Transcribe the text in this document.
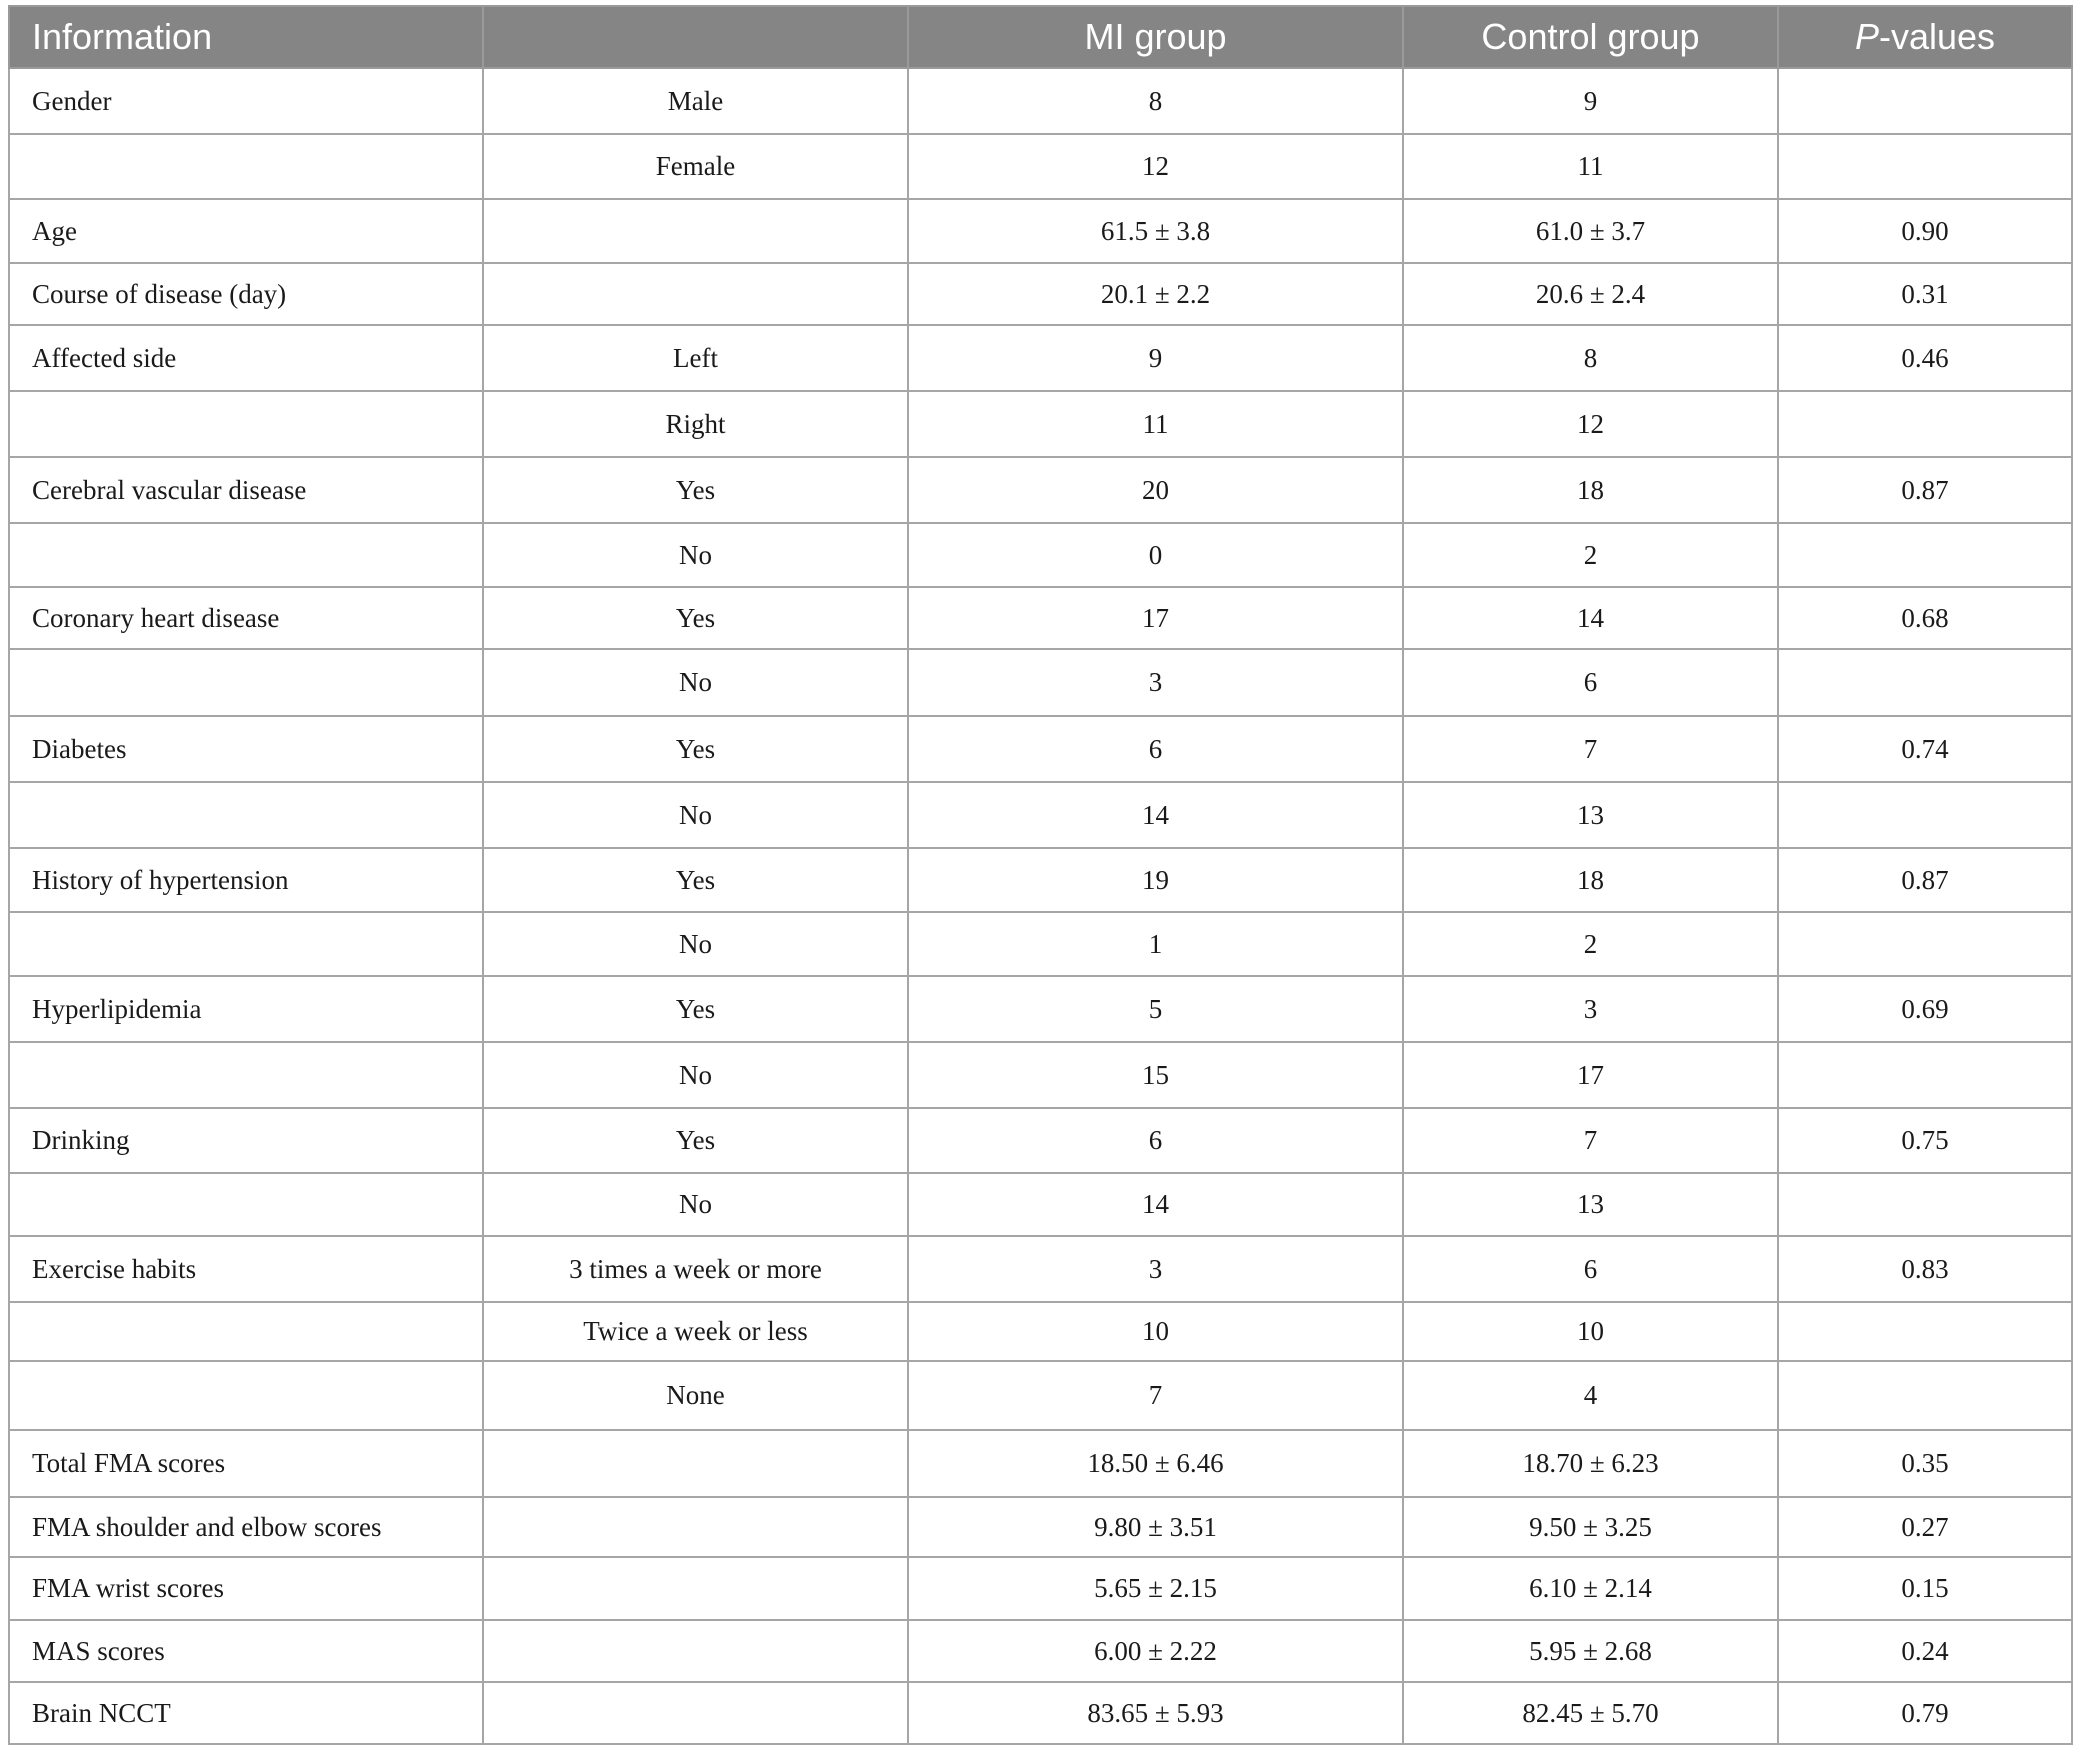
Information		MI group	Control group	P-values
Gender	Male	8	9	
	Female	12	11	
Age		61.5 ± 3.8	61.0 ± 3.7	0.90
Course of disease (day)		20.1 ± 2.2	20.6 ± 2.4	0.31
Affected side	Left	9	8	0.46
	Right	11	12	
Cerebral vascular disease	Yes	20	18	0.87
	No	0	2	
Coronary heart disease	Yes	17	14	0.68
	No	3	6	
Diabetes	Yes	6	7	0.74
	No	14	13	
History of hypertension	Yes	19	18	0.87
	No	1	2	
Hyperlipidemia	Yes	5	3	0.69
	No	15	17	
Drinking	Yes	6	7	0.75
	No	14	13	
Exercise habits	3 times a week or more	3	6	0.83
	Twice a week or less	10	10	
	None	7	4	
Total FMA scores		18.50 ± 6.46	18.70 ± 6.23	0.35
FMA shoulder and elbow scores		9.80 ± 3.51	9.50 ± 3.25	0.27
FMA wrist scores		5.65 ± 2.15	6.10 ± 2.14	0.15
MAS scores		6.00 ± 2.22	5.95 ± 2.68	0.24
Brain NCCT		83.65 ± 5.93	82.45 ± 5.70	0.79
